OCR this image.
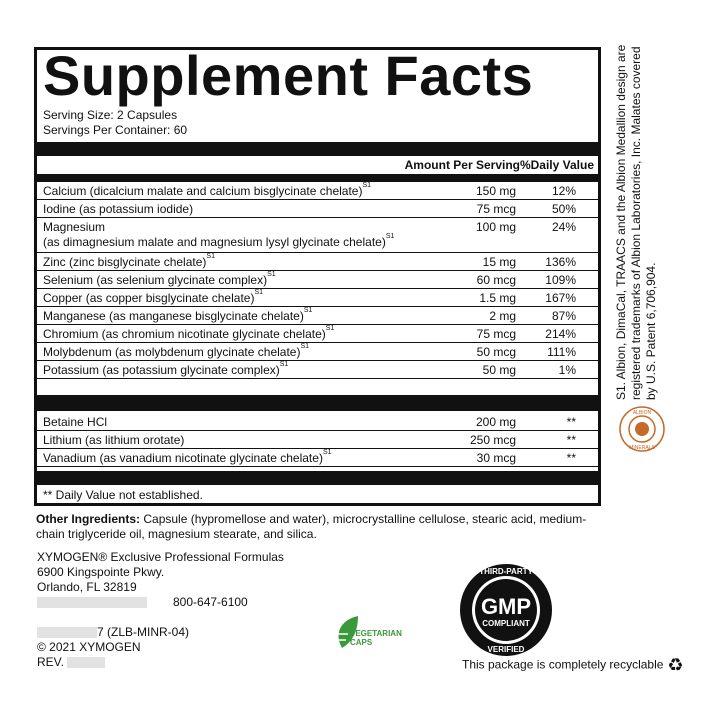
Supplement Facts
Serving Size: 2 Capsules
Servings Per Container: 60
Amount Per Serving %Daily Value
Calcium (dicalcium malate and calcium bisglycinate chelate)$^{S1}$	150 mg	12%
Iodine (as potassium iodide)	75 mcg	50%
Magnesium
(as dimagnesium malate and magnesium lysyl glycinate chelate)$^{S1}$
100 mg	24%
Zinc (zinc bisglycinate chelate)$^{S1}$	15 mg 136%
Selenium (as selenium glycinate complex)$^{S1}$	60 mcg 109%
Copper (as copper bisglycinate chelate)$^{S1}$	1.5 mg 167%
Manganese (as manganese bisglycinate chelate)$^{S1}$	2 mg	87%
Chromium (as chromium nicotinate glycinate chelate)$^{S1}$	75 mcg 214%
Molybdenum (as molybdenum glycinate chelate)$^{S1}$	50 mcg	111%
Potassium (as potassium glycinate complex)$^{S1}$	50 mg	1%
Betaine HCl	200 mg	**
Lithium (as lithium orotate)	250 mcg	**
Vanadium (as vanadium nicotinate glycinate chelate)$^{S1}$	30 mcg	**
** Daily Value not established.
Other Ingredients: Capsule (hypromellose and water), microcrystalline cellulose, stearic acid, medium-chain triglyceride oil, magnesium stearate, and silica.
XYMOGEN® Exclusive Professional Formulas
6900 Kingspointe Pkwy.
Orlando, FL 32819
800-647-6100
7 (ZLB-MINR-04)
© 2021 XYMOGEN
REV.
S1. Albion, DimaCal, TRAACS and the Albion Medallion design are registered trademarks of Albion Laboratories, Inc. Malates covered by U.S. Patent 6,706,904.
ALBION
MINERALS
VEGETARIAN
CAPS
THIRD-PARTY
GMP
COMPLIANT
VERIFIED
This package is completely recyclable ♻
